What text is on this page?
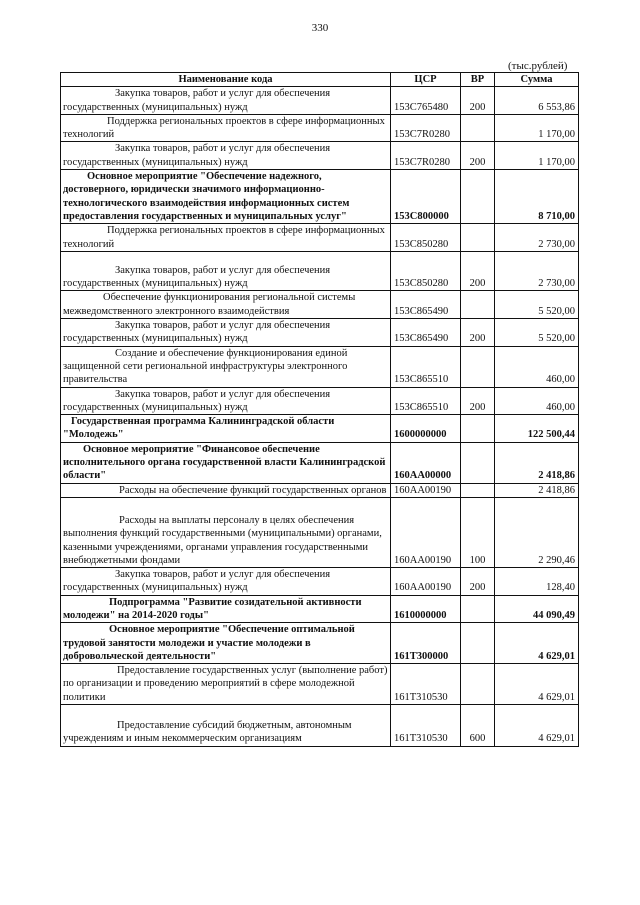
330
(тыс.рублей)
Наименование кода	ЦСР	ВР	Сумма
Закупка товаров, работ и услуг для обеспечения государственных (муниципальных) нужд	153С765480	200	6 553,86
Поддержка региональных проектов в сфере информационных технологий	153С7R0280		1 170,00
Закупка товаров, работ и услуг для обеспечения государственных (муниципальных) нужд	153С7R0280	200	1 170,00
Основное мероприятие "Обеспечение надежного, достоверного, юридически значимого информационно-технологического взаимодействия информационных систем предоставления государственных и муниципальных услуг"	153С800000		8 710,00
Поддержка региональных проектов в сфере информационных технологий	153С850280		2 730,00
Закупка товаров, работ и услуг для обеспечения государственных (муниципальных) нужд	153С850280	200	2 730,00
Обеспечение функционирования региональной системы межведомственного электронного взаимодействия	153С865490		5 520,00
Закупка товаров, работ и услуг для обеспечения государственных (муниципальных) нужд	153С865490	200	5 520,00
Создание и обеспечение функционирования единой защищенной сети региональной инфраструктуры электронного правительства	153С865510		460,00
Закупка товаров, работ и услуг для обеспечения государственных (муниципальных) нужд	153С865510	200	460,00
Государственная программа Калининградской области "Молодежь"	1600000000		122 500,44
Основное мероприятие "Финансовое обеспечение исполнительного органа государственной власти Калининградской области"	160АА00000		2 418,86
Расходы на обеспечение функций государственных органов	160АА00190		2 418,86
Расходы на выплаты персоналу в целях обеспечения выполнения функций государственными (муниципальными) органами, казенными учреждениями, органами управления государственными внебюджетными фондами	160АА00190	100	2 290,46
Закупка товаров, работ и услуг для обеспечения государственных (муниципальных) нужд	160АА00190	200	128,40
Подпрограмма "Развитие созидательной активности молодежи" на 2014-2020 годы"	1610000000		44 090,49
Основное мероприятие "Обеспечение оптимальной трудовой занятости молодежи и участие молодежи в добровольческой деятельности"	161Т300000		4 629,01
Предоставление государственных услуг (выполнение работ) по организации и проведению мероприятий в сфере молодежной политики	161Т310530		4 629,01
Предоставление субсидий бюджетным, автономным учреждениям и иным некоммерческим организациям	161Т310530	600	4 629,01
